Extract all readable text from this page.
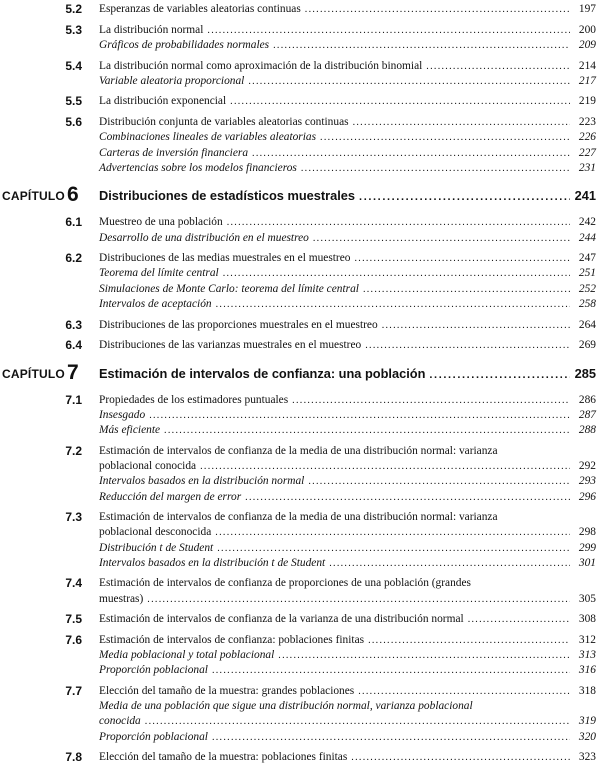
5.2 Esperanzas de variables aleatorias continuas .....	197
5.3 La distribución normal .....	200
Gráficos de probabilidades normales .....	209
5.4 La distribución normal como aproximación de la distribución binomial .....	214
Variable aleatoria proporcional .....	217
5.5 La distribución exponencial .....	219
5.6 Distribución conjunta de variables aleatorias continuas .....	223
Combinaciones lineales de variables aleatorias .....	226
Carteras de inversión financiera .....	227
Advertencias sobre los modelos financieros .....	231
CAPÍTULO 6 Distribuciones de estadísticos muestrales .....	241
6.1 Muestreo de una población .....	242
Desarrollo de una distribución en el muestreo .....	244
6.2 Distribuciones de las medias muestrales en el muestreo .....	247
Teorema del límite central .....	251
Simulaciones de Monte Carlo: teorema del límite central .....	252
Intervalos de aceptación .....	258
6.3 Distribuciones de las proporciones muestrales en el muestreo .....	264
6.4 Distribuciones de las varianzas muestrales en el muestreo .....	269
CAPÍTULO 7 Estimación de intervalos de confianza: una población .....	285
7.1 Propiedades de los estimadores puntuales .....	286
Insesgado .....	287
Más eficiente .....	288
7.2 Estimación de intervalos de confianza de la media de una distribución normal: varianza
poblacional conocida .....	292
Intervalos basados en la distribución normal .....	293
Reducción del margen de error .....	296
7.3 Estimación de intervalos de confianza de la media de una distribución normal: varianza
poblacional desconocida .....	298
Distribución t de Student .....	299
Intervalos basados en la distribución t de Student .....	301
7.4 Estimación de intervalos de confianza de proporciones de una población (grandes
muestras) .....	305
7.5 Estimación de intervalos de confianza de la varianza de una distribución normal .....	308
7.6 Estimación de intervalos de confianza: poblaciones finitas .....	312
Media poblacional y total poblacional .....	313
Proporción poblacional .....	316
7.7 Elección del tamaño de la muestra: grandes poblaciones .....	318
Media de una población que sigue una distribución normal, varianza poblacional
conocida .....	319
Proporción poblacional .....	320
7.8 Elección del tamaño de la muestra: poblaciones finitas .....	323
